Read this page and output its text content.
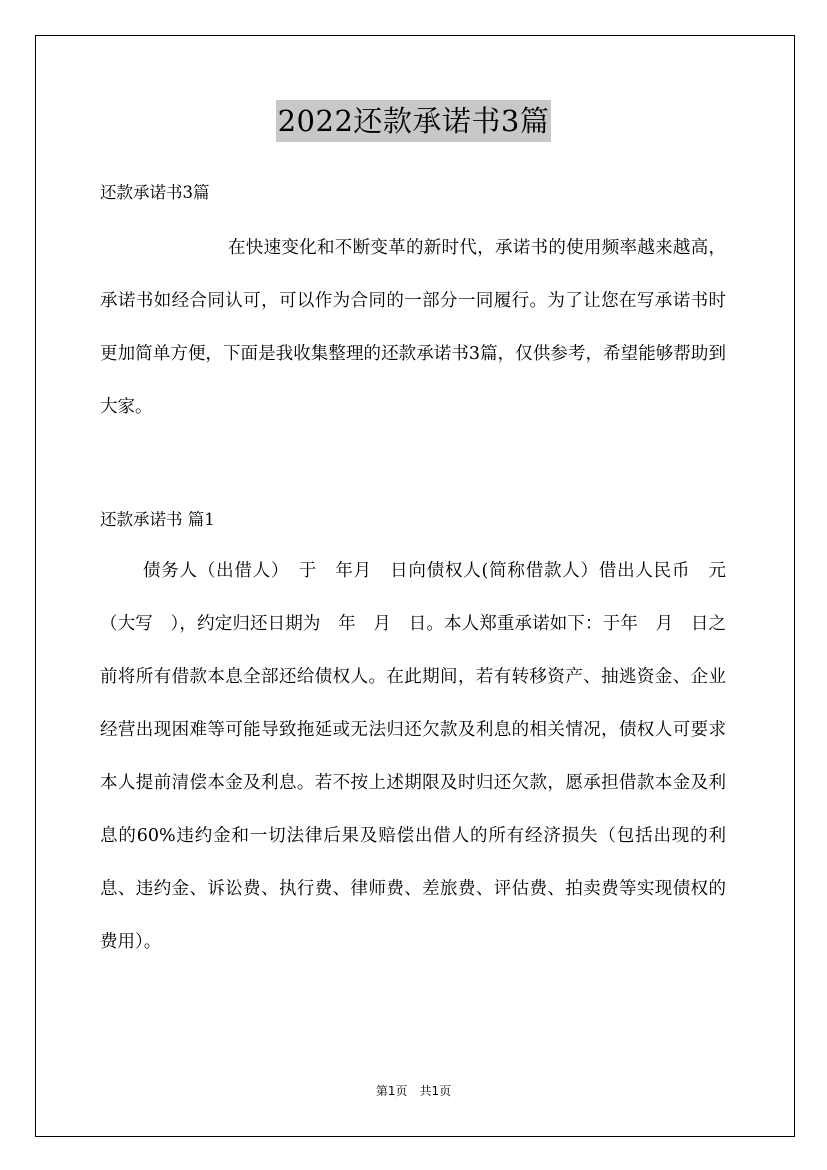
2022还款承诺书3篇
还款承诺书3篇

在快速变化和不断变革的新时代，承诺书的使用频率越来越高，承诺书如经合同认可，可以作为合同的一部分一同履行。为了让您在写承诺书时更加简单方便，下面是我收集整理的还款承诺书3篇，仅供参考，希望能够帮助到大家。

还款承诺书 篇1

债务人（出借人）　于　年月　日向债权人(简称借款人）借出人民币　元（大写　），约定归还日期为　年　月　日。本人郑重承诺如下：于年　月　日之前将所有借款本息全部还给债权人。在此期间，若有转移资产、抽逃资金、企业经营出现困难等可能导致拖延或无法归还欠款及利息的相关情况，债权人可要求本人提前清偿本金及利息。若不按上述期限及时归还欠款，愿承担借款本金及利息的60%违约金和一切法律后果及赔偿出借人的所有经济损失（包括出现的利息、违约金、诉讼费、执行费、律师费、差旅费、评估费、拍卖费等实现债权的费用）。

第1页　共1页
